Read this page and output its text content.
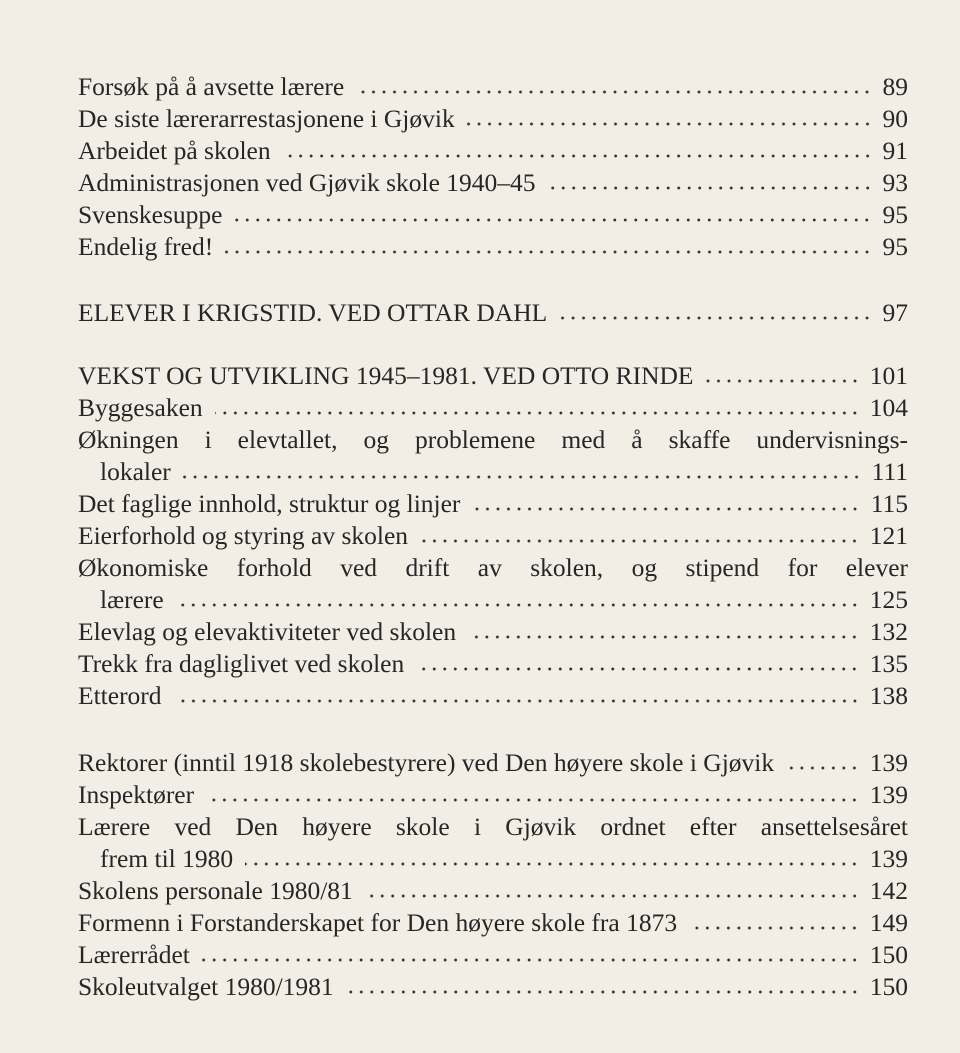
Forsøk på å avsette lærere	89
De siste lærerarrestasjonene i Gjøvik	90
Arbeidet på skolen	91
Administrasjonen ved Gjøvik skole 1940–45	93
Svenskesuppe	95
Endelig fred!	95
ELEVER I KRIGSTID. VED OTTAR DAHL	97
VEKST OG UTVIKLING 1945–1981. VED OTTO RINDE	101
Byggesaken	104
Økningen i elevtallet, og problemene med å skaffe undervisnings-
lokaler	111
Det faglige innhold, struktur og linjer	115
Eierforhold og styring av skolen	121
Økonomiske forhold ved drift av skolen, og stipend for elever
lærere	125
Elevlag og elevaktiviteter ved skolen	132
Trekk fra dagliglivet ved skolen	135
Etterord	138
Rektorer (inntil 1918 skolebestyrere) ved Den høyere skole i Gjøvik	139
Inspektører	139
Lærere ved Den høyere skole i Gjøvik ordnet efter ansettelsesåret
frem til 1980	139
Skolens personale 1980/81	142
Formenn i Forstanderskapet for Den høyere skole fra 1873	149
Lærerrådet	150
Skoleutvalget 1980/1981	150
